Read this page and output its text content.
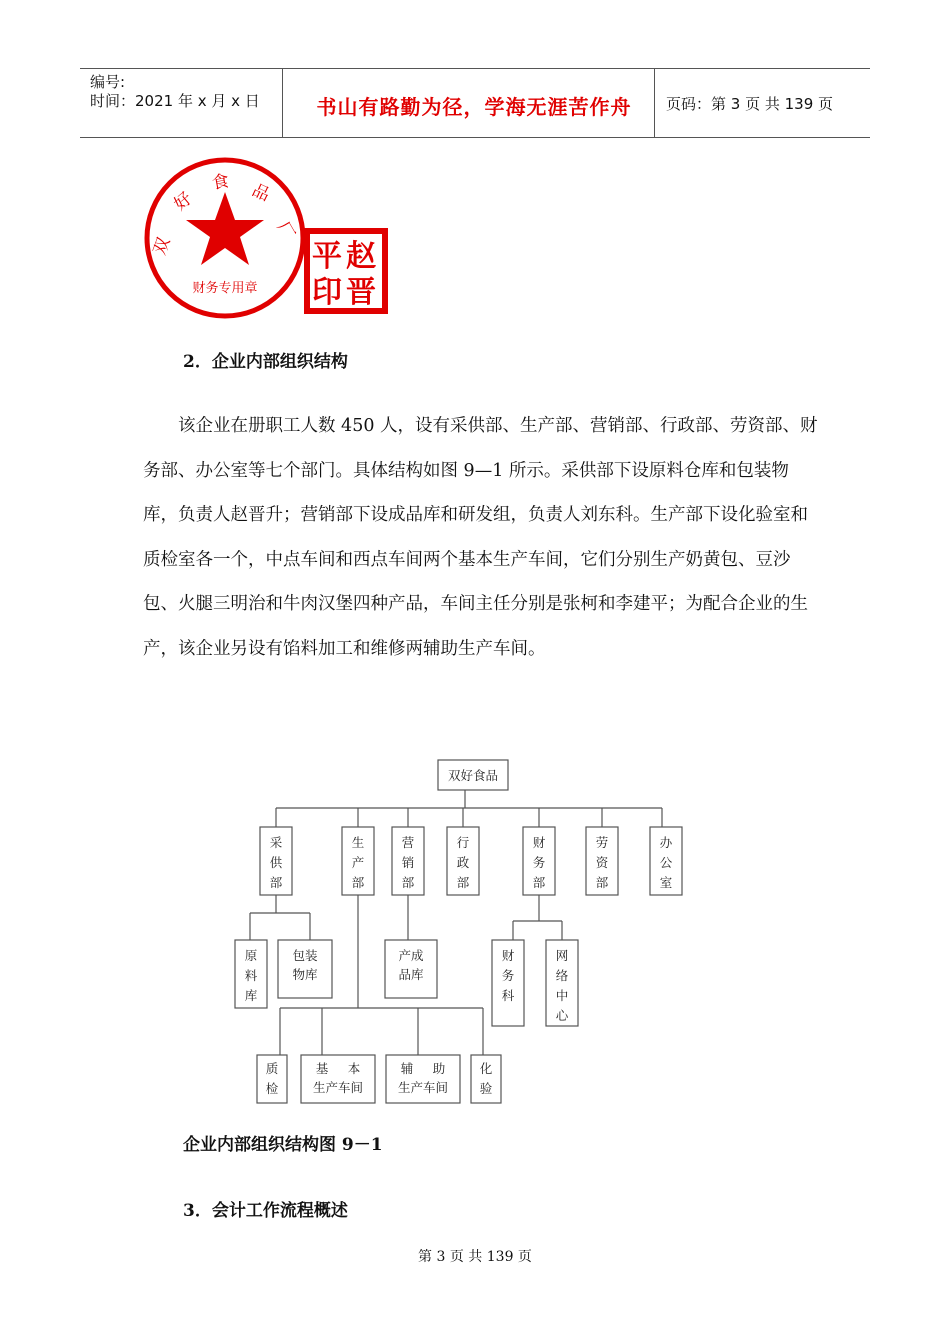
编号:
时间：2021 年 x 月 x 日	书山有路勤为径，学海无涯苦作舟	页码：第 3 页 共 139 页
双
好
食 品
厂
财务专用章
平 赵
印 晋
2．企业内部组织结构

该企业在册职工人数 450 人，设有采供部、生产部、营销部、行政部、劳资部、财务部、办公室等七个部门。具体结构如图 9—1 所示。采供部下设原料仓库和包装物库，负责人赵晋升；营销部下设成品库和研发组，负责人刘东科。生产部下设化验室和质检室各一个，中点车间和西点车间两个基本生产车间，它们分别生产奶黄包、豆沙包、火腿三明治和牛肉汉堡四种产品，车间主任分别是张柯和李建平；为配合企业的生产，该企业另设有馅料加工和维修两辅助生产车间。

双好食品
采
供
部
生
产
部
营
销
部
行
政
部
财
务
部
劳
资
部
办
公
室
原
料
库
包装
物库
产成
品库
财
务
科
网
络
中
心
质
检
基 本
生产车间
辅 助
生产车间
化
验
企业内部组织结构图 9－1
3．会计工作流程概述
第 3 页 共 139 页
